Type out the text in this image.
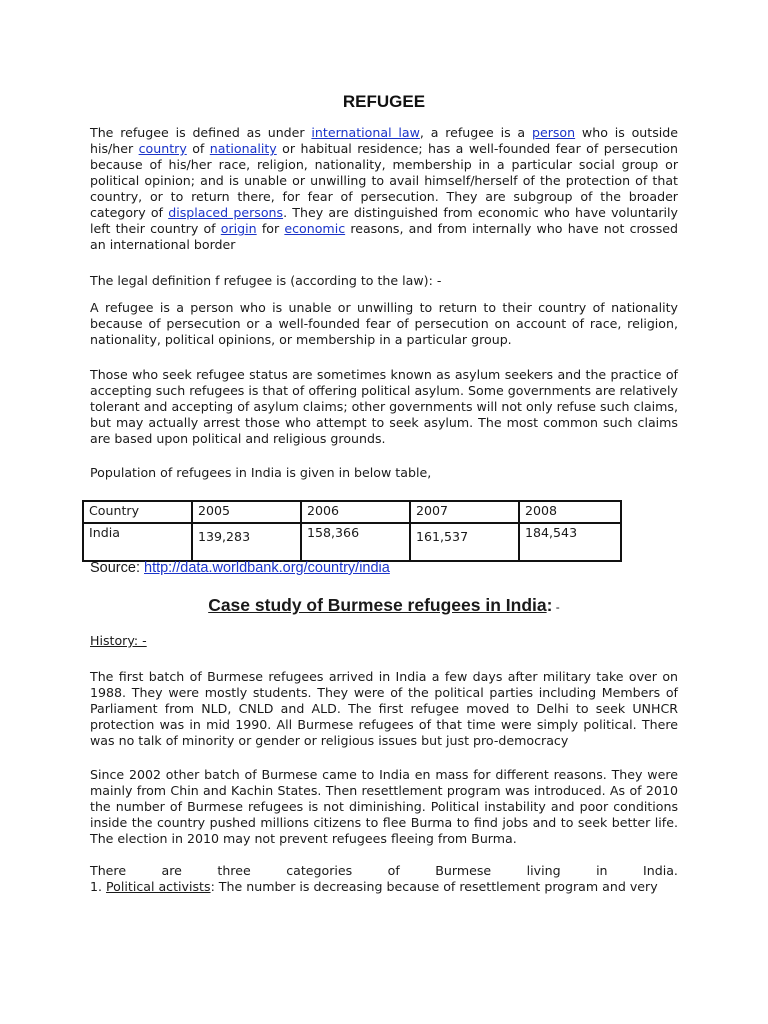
REFUGEE

The refugee is defined as under international law, a refugee is a person who is outside his/her country of nationality or habitual residence; has a well-founded fear of persecution because of his/her race, religion, nationality, membership in a particular social group or political opinion; and is unable or unwilling to avail himself/herself of the protection of that country, or to return there, for fear of persecution. They are subgroup of the broader category of displaced persons. They are distinguished from economic who have voluntarily left their country of origin for economic reasons, and from internally who have not crossed an international border

The legal definition f refugee is (according to the law): -

A refugee is a person who is unable or unwilling to return to their country of nationality because of persecution or a well-founded fear of persecution on account of race, religion, nationality, political opinions, or membership in a particular group.

Those who seek refugee status are sometimes known as asylum seekers and the practice of accepting such refugees is that of offering political asylum. Some governments are relatively tolerant and accepting of asylum claims; other governments will not only refuse such claims, but may actually arrest those who attempt to seek asylum. The most common such claims are based upon political and religious grounds.

Population of refugees in India is given in below table,

Country	2005	2006	2007	2008
India	139,283	158,366	161,537	184,543
Source: http://data.worldbank.org/country/india
Case study of Burmese refugees in India: -

History: -

The first batch of Burmese refugees arrived in India a few days after military take over on 1988. They were mostly students. They were of the political parties including Members of Parliament from NLD, CNLD and ALD. The first refugee moved to Delhi to seek UNHCR protection was in mid 1990. All Burmese refugees of that time were simply political. There was no talk of minority or gender or religious issues but just pro-democracy

Since 2002 other batch of Burmese came to India en mass for different reasons. They were mainly from Chin and Kachin States. Then resettlement program was introduced. As of 2010 the number of Burmese refugees is not diminishing. Political instability and poor conditions inside the country pushed millions citizens to flee Burma to find jobs and to seek better life. The election in 2010 may not prevent refugees fleeing from Burma.

There	are	three	categories	of	Burmese	living	in	India.
1. Political activists: The number is decreasing because of resettlement program and very
